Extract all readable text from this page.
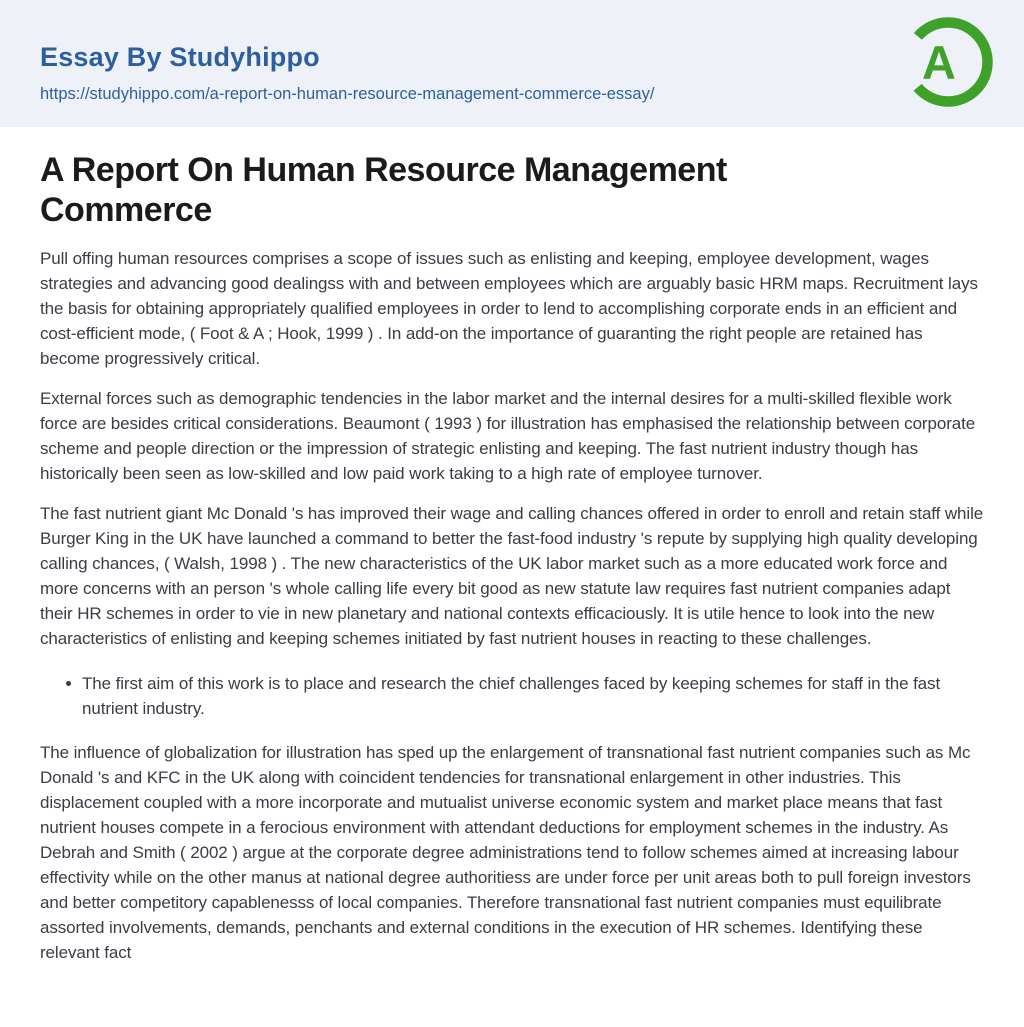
Essay By Studyhippo
https://studyhippo.com/a-report-on-human-resource-management-commerce-essay/
A
A Report On Human Resource Management Commerce

Pull offing human resources comprises a scope of issues such as enlisting and keeping, employee development, wages strategies and advancing good dealingss with and between employees which are arguably basic HRM maps. Recruitment lays the basis for obtaining appropriately qualified employees in order to lend to accomplishing corporate ends in an efficient and cost-efficient mode, ( Foot & A ; Hook, 1999 ) . In add-on the importance of guaranting the right people are retained has become progressively critical.

External forces such as demographic tendencies in the labor market and the internal desires for a multi-skilled flexible work force are besides critical considerations. Beaumont ( 1993 ) for illustration has emphasised the relationship between corporate scheme and people direction or the impression of strategic enlisting and keeping. The fast nutrient industry though has historically been seen as low-skilled and low paid work taking to a high rate of employee turnover.

The fast nutrient giant Mc Donald 's has improved their wage and calling chances offered in order to enroll and retain staff while Burger King in the UK have launched a command to better the fast-food industry 's repute by supplying high quality developing calling chances, ( Walsh, 1998 ) . The new characteristics of the UK labor market such as a more educated work force and more concerns with an person 's whole calling life every bit good as new statute law requires fast nutrient companies adapt their HR schemes in order to vie in new planetary and national contexts efficaciously. It is utile hence to look into the new characteristics of enlisting and keeping schemes initiated by fast nutrient houses in reacting to these challenges.

The first aim of this work is to place and research the chief challenges faced by keeping schemes for staff in the fast nutrient industry.

The influence of globalization for illustration has sped up the enlargement of transnational fast nutrient companies such as Mc Donald 's and KFC in the UK along with coincident tendencies for transnational enlargement in other industries. This displacement coupled with a more incorporate and mutualist universe economic system and market place means that fast nutrient houses compete in a ferocious environment with attendant deductions for employment schemes in the industry. As Debrah and Smith ( 2002 ) argue at the corporate degree administrations tend to follow schemes aimed at increasing labour effectivity while on the other manus at national degree authoritiess are under force per unit areas both to pull foreign investors and better competitory capablenesss of local companies. Therefore transnational fast nutrient companies must equilibrate assorted involvements, demands, penchants and external conditions in the execution of HR schemes. Identifying these relevant fact
